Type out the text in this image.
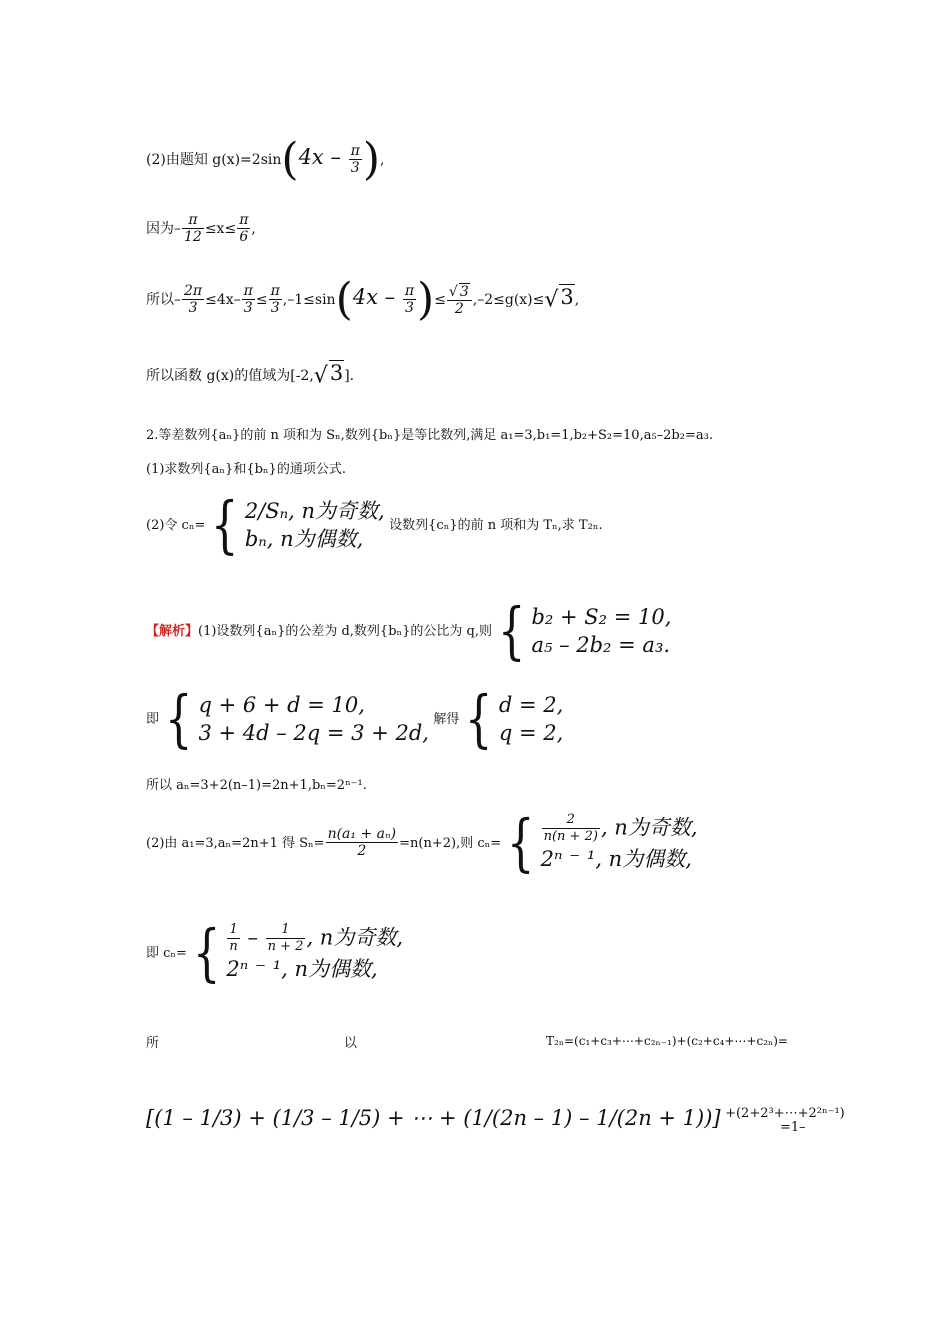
(2)由题知 $g(x)=2\sin(4x - \frac{\pi}{3}$ ),
因为– $\frac{\pi}{12} \le x\le \frac{\pi}{6}$ ,
所以– $\frac{2\pi}{3} \le 4x- \frac{\pi}{3} \le \frac{\pi}{3} ,-1\le\sin(4x - \frac{\pi}{3}$ )≤ $\frac{√ 3}{2} ,-2\le g(x)\le√3$,
所以函数 g(x)的值域为[-2,√3].
2.等差数列{aₙ}的前 n 项和为 Sₙ,数列{bₙ}是等比数列,满足 a₁=3,b₁=1,b₂+S₂=10,a₅–2b₂=a₃.
(1)求数列{aₙ}和{bₙ}的通项公式.
(2)令 cₙ={ 2/Sₙ, n为奇数,
bₙ, n为偶数,
设数列{cₙ}的前 n 项和为 Tₙ,求 T₂ₙ.
【解析】(1)设数列{aₙ}的公差为 d,数列{bₙ}的公比为 q,则{ b₂ + S₂ = 10,
a₅ – 2b₂ = a₃.
即{ q + 6 + d = 10,
3 + 4d – 2q = 3 + 2d,
解得{ d = 2,
q = 2,
所以 aₙ=3+2(n–1)=2n+1,bₙ=2ⁿ⁻¹.
(2)由 a₁=3,aₙ=2n+1 得 $S_n= \frac{\text{n(a₁ + aₙ)}}{2} =n(n+2)$,则 $c_n=\{ \frac{2}{n(n + 2)}$ , n为奇数,
2ⁿ ⁻ ¹, n为偶数,
即 $c_n=\{ \frac{1}{n} - \frac{1}{n + 2}$ , n为奇数,
2ⁿ ⁻ ¹, n为偶数,
所	以	T₂ₙ=(c₁+c₃+⋯+c₂ₙ₋₁)+(c₂+c₄+⋯+c₂ₙ)=
[(1 – 1/3) + (1/3 – 1/5) + ⋯ + (1/(2n – 1) – 1/(2n + 1))] +(2+2³+⋯+2²ⁿ⁻¹)
=1–
